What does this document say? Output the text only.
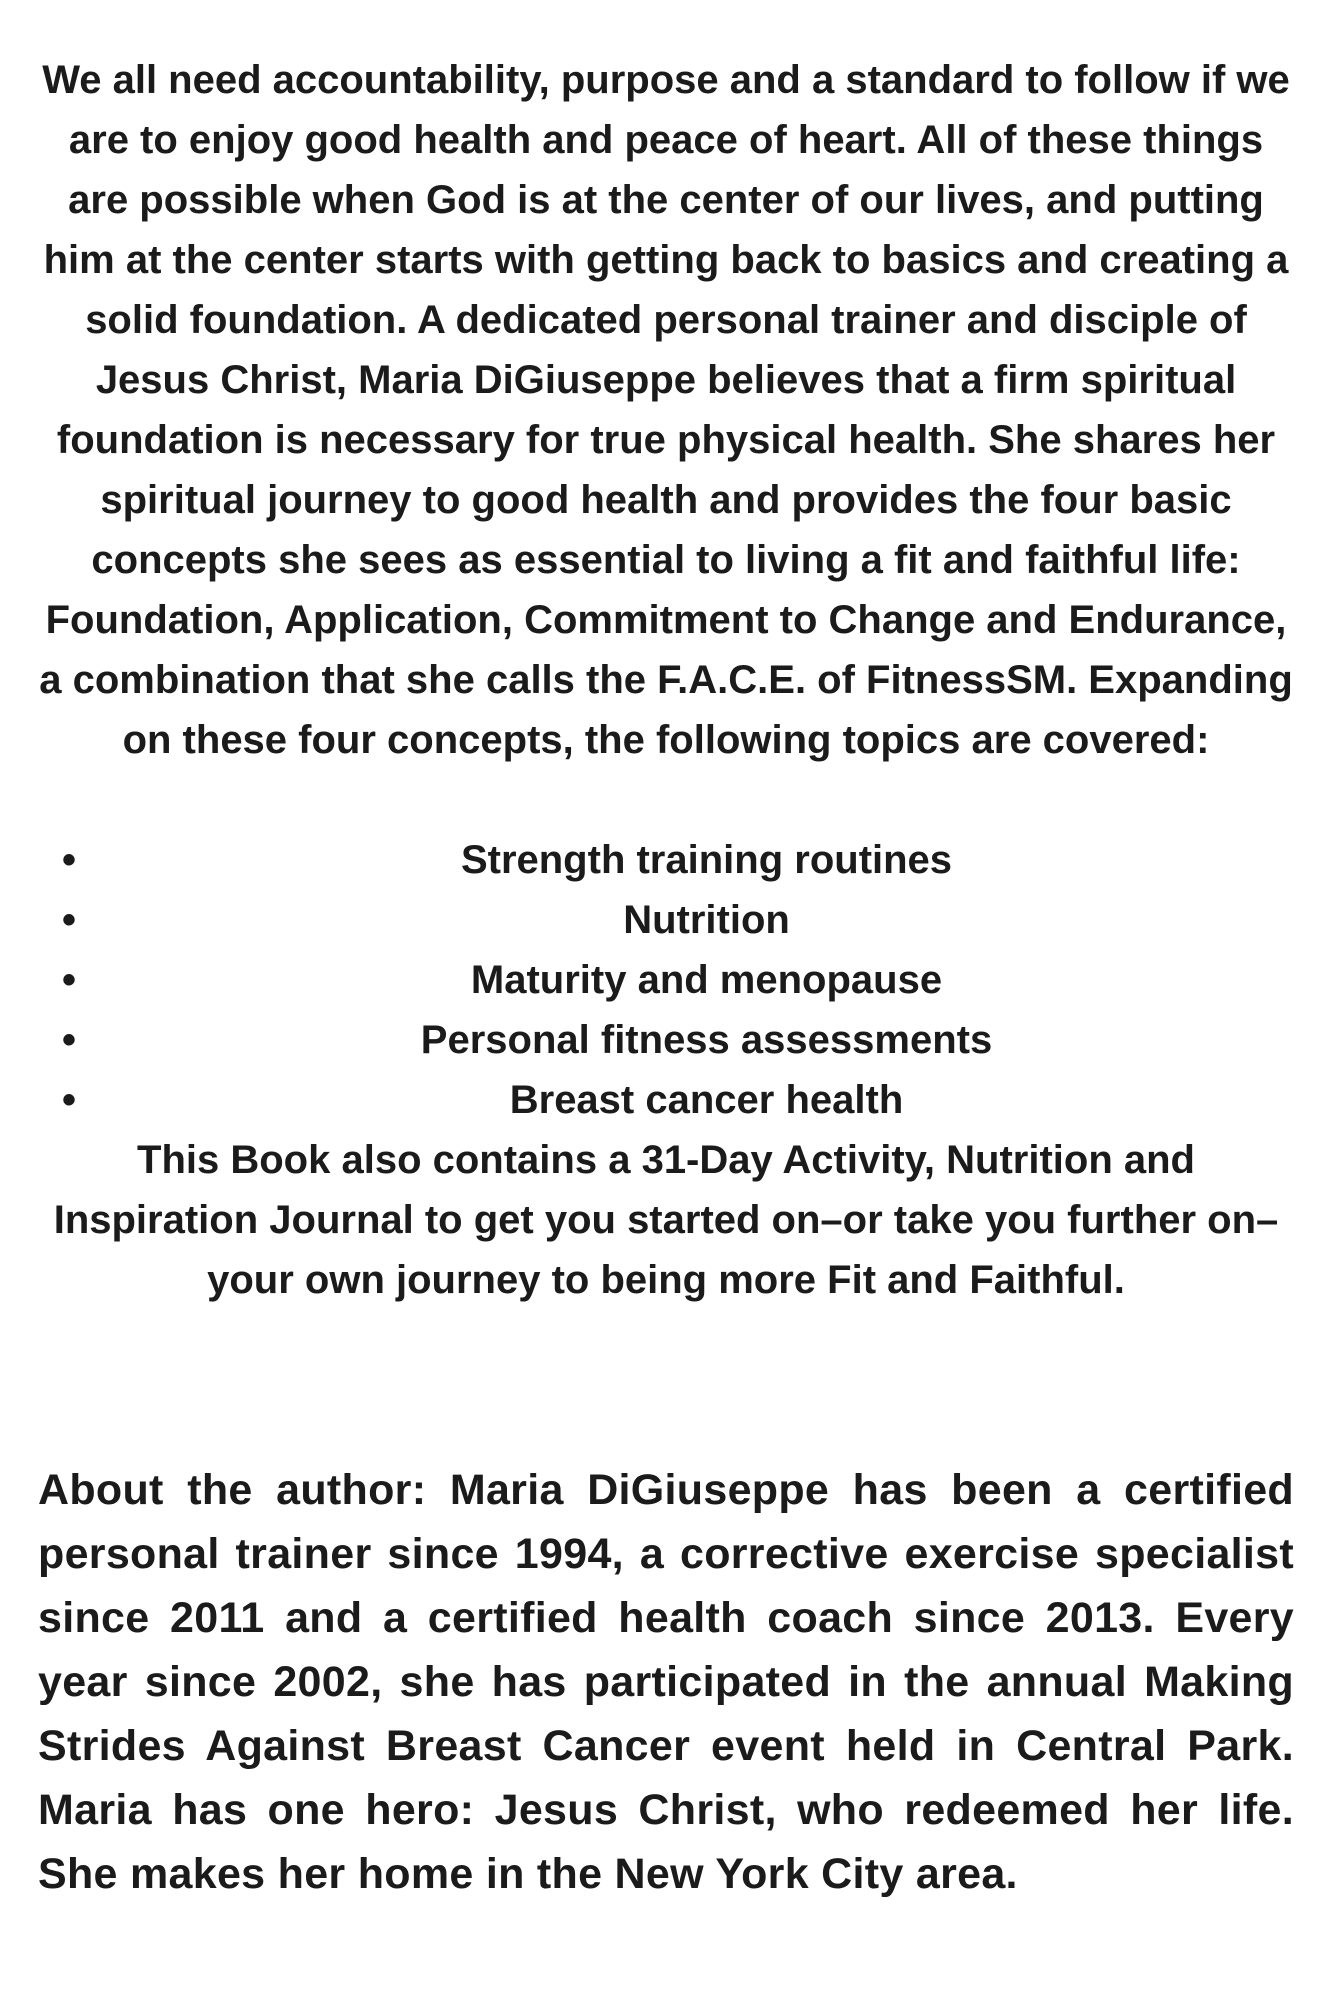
We all need accountability, purpose and a standard to follow if we are to enjoy good health and peace of heart. All of these things are possible when God is at the center of our lives, and putting him at the center starts with getting back to basics and creating a solid foundation. A dedicated personal trainer and disciple of Jesus Christ, Maria DiGiuseppe believes that a firm spiritual foundation is necessary for true physical health. She shares her spiritual journey to good health and provides the four basic concepts she sees as essential to living a fit and faithful life: Foundation, Application, Commitment to Change and Endurance, a combination that she calls the F.A.C.E. of FitnessSM. Expanding on these four concepts, the following topics are covered:

•	Strength training routines
•	Nutrition
•	Maturity and menopause
•	Personal fitness assessments
•	Breast cancer health

This Book also contains a 31-Day Activity, Nutrition and Inspiration Journal to get you started on–or take you further on–your own journey to being more Fit and Faithful.

About the author: Maria DiGiuseppe has been a certified personal trainer since 1994, a corrective exercise specialist since 2011 and a certified health coach since 2013. Every year since 2002, she has participated in the annual Making Strides Against Breast Cancer event held in Central Park. Maria has one hero: Jesus Christ, who redeemed her life. She makes her home in the New York City area.
